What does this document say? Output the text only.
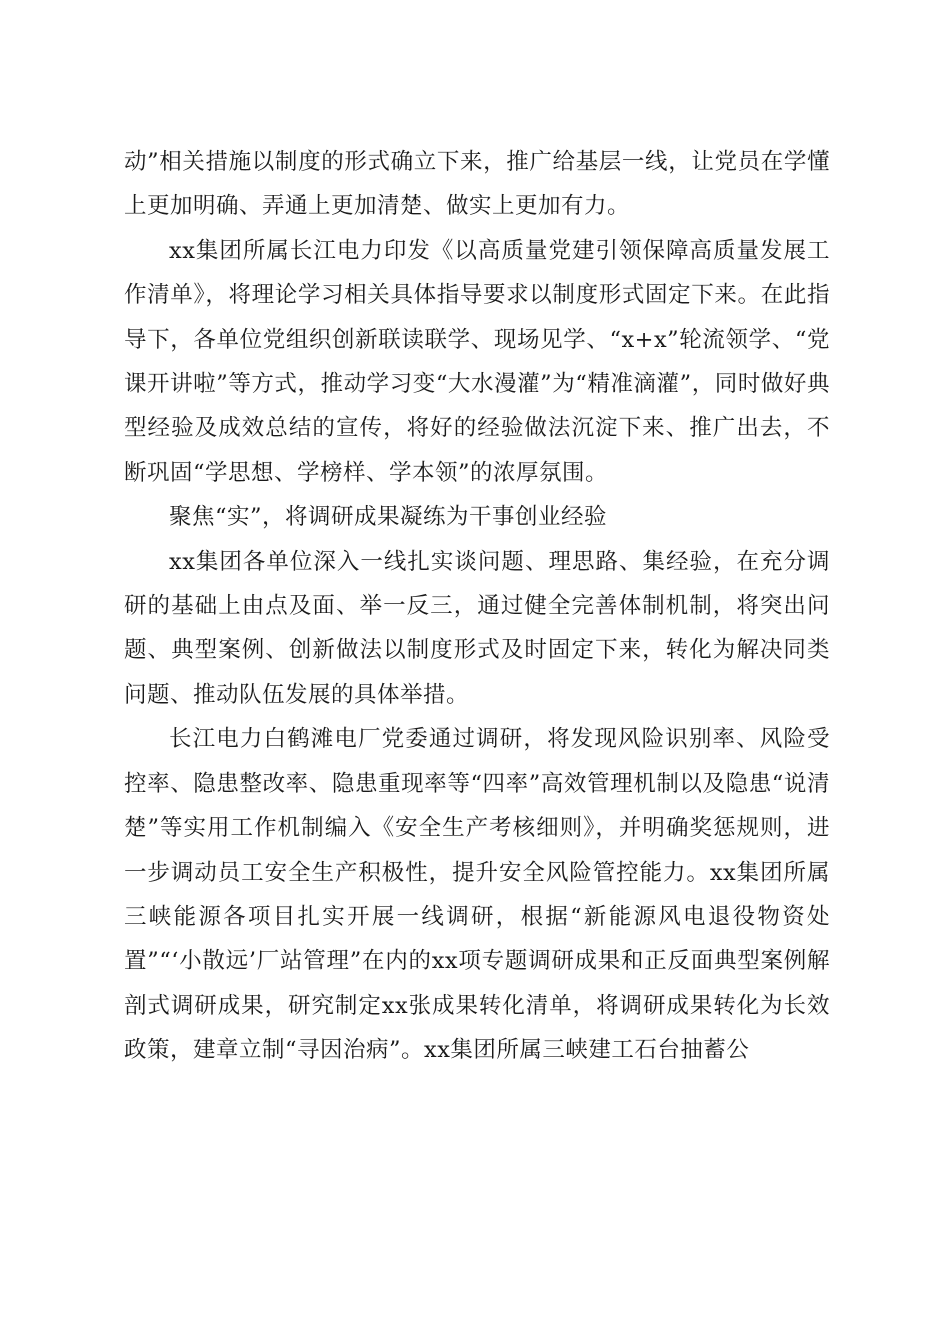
动”相关措施以制度的形式确立下来，推广给基层一线，让党员在学懂上更加明确、弄通上更加清楚、做实上更加有力。

xx集团所属长江电力印发《以高质量党建引领保障高质量发展工作清单》，将理论学习相关具体指导要求以制度形式固定下来。在此指导下，各单位党组织创新联读联学、现场见学、“x+x”轮流领学、“党课开讲啦”等方式，推动学习变“大水漫灌”为“精准滴灌”，同时做好典型经验及成效总结的宣传，将好的经验做法沉淀下来、推广出去，不断巩固“学思想、学榜样、学本领”的浓厚氛围。

聚焦“实”，将调研成果凝练为干事创业经验

xx集团各单位深入一线扎实谈问题、理思路、集经验，在充分调研的基础上由点及面、举一反三，通过健全完善体制机制，将突出问题、典型案例、创新做法以制度形式及时固定下来，转化为解决同类问题、推动队伍发展的具体举措。

长江电力白鹤滩电厂党委通过调研，将发现风险识别率、风险受控率、隐患整改率、隐患重现率等“四率”高效管理机制以及隐患“说清楚”等实用工作机制编入《安全生产考核细则》，并明确奖惩规则，进一步调动员工安全生产积极性，提升安全风险管控能力。xx集团所属三峡能源各项目扎实开展一线调研，根据“新能源风电退役物资处置”“‘小散远’厂站管理”在内的xx项专题调研成果和正反面典型案例解剖式调研成果，研究制定xx张成果转化清单，将调研成果转化为长效政策，建章立制“寻因治病”。xx集团所属三峡建工石台抽蓄公
